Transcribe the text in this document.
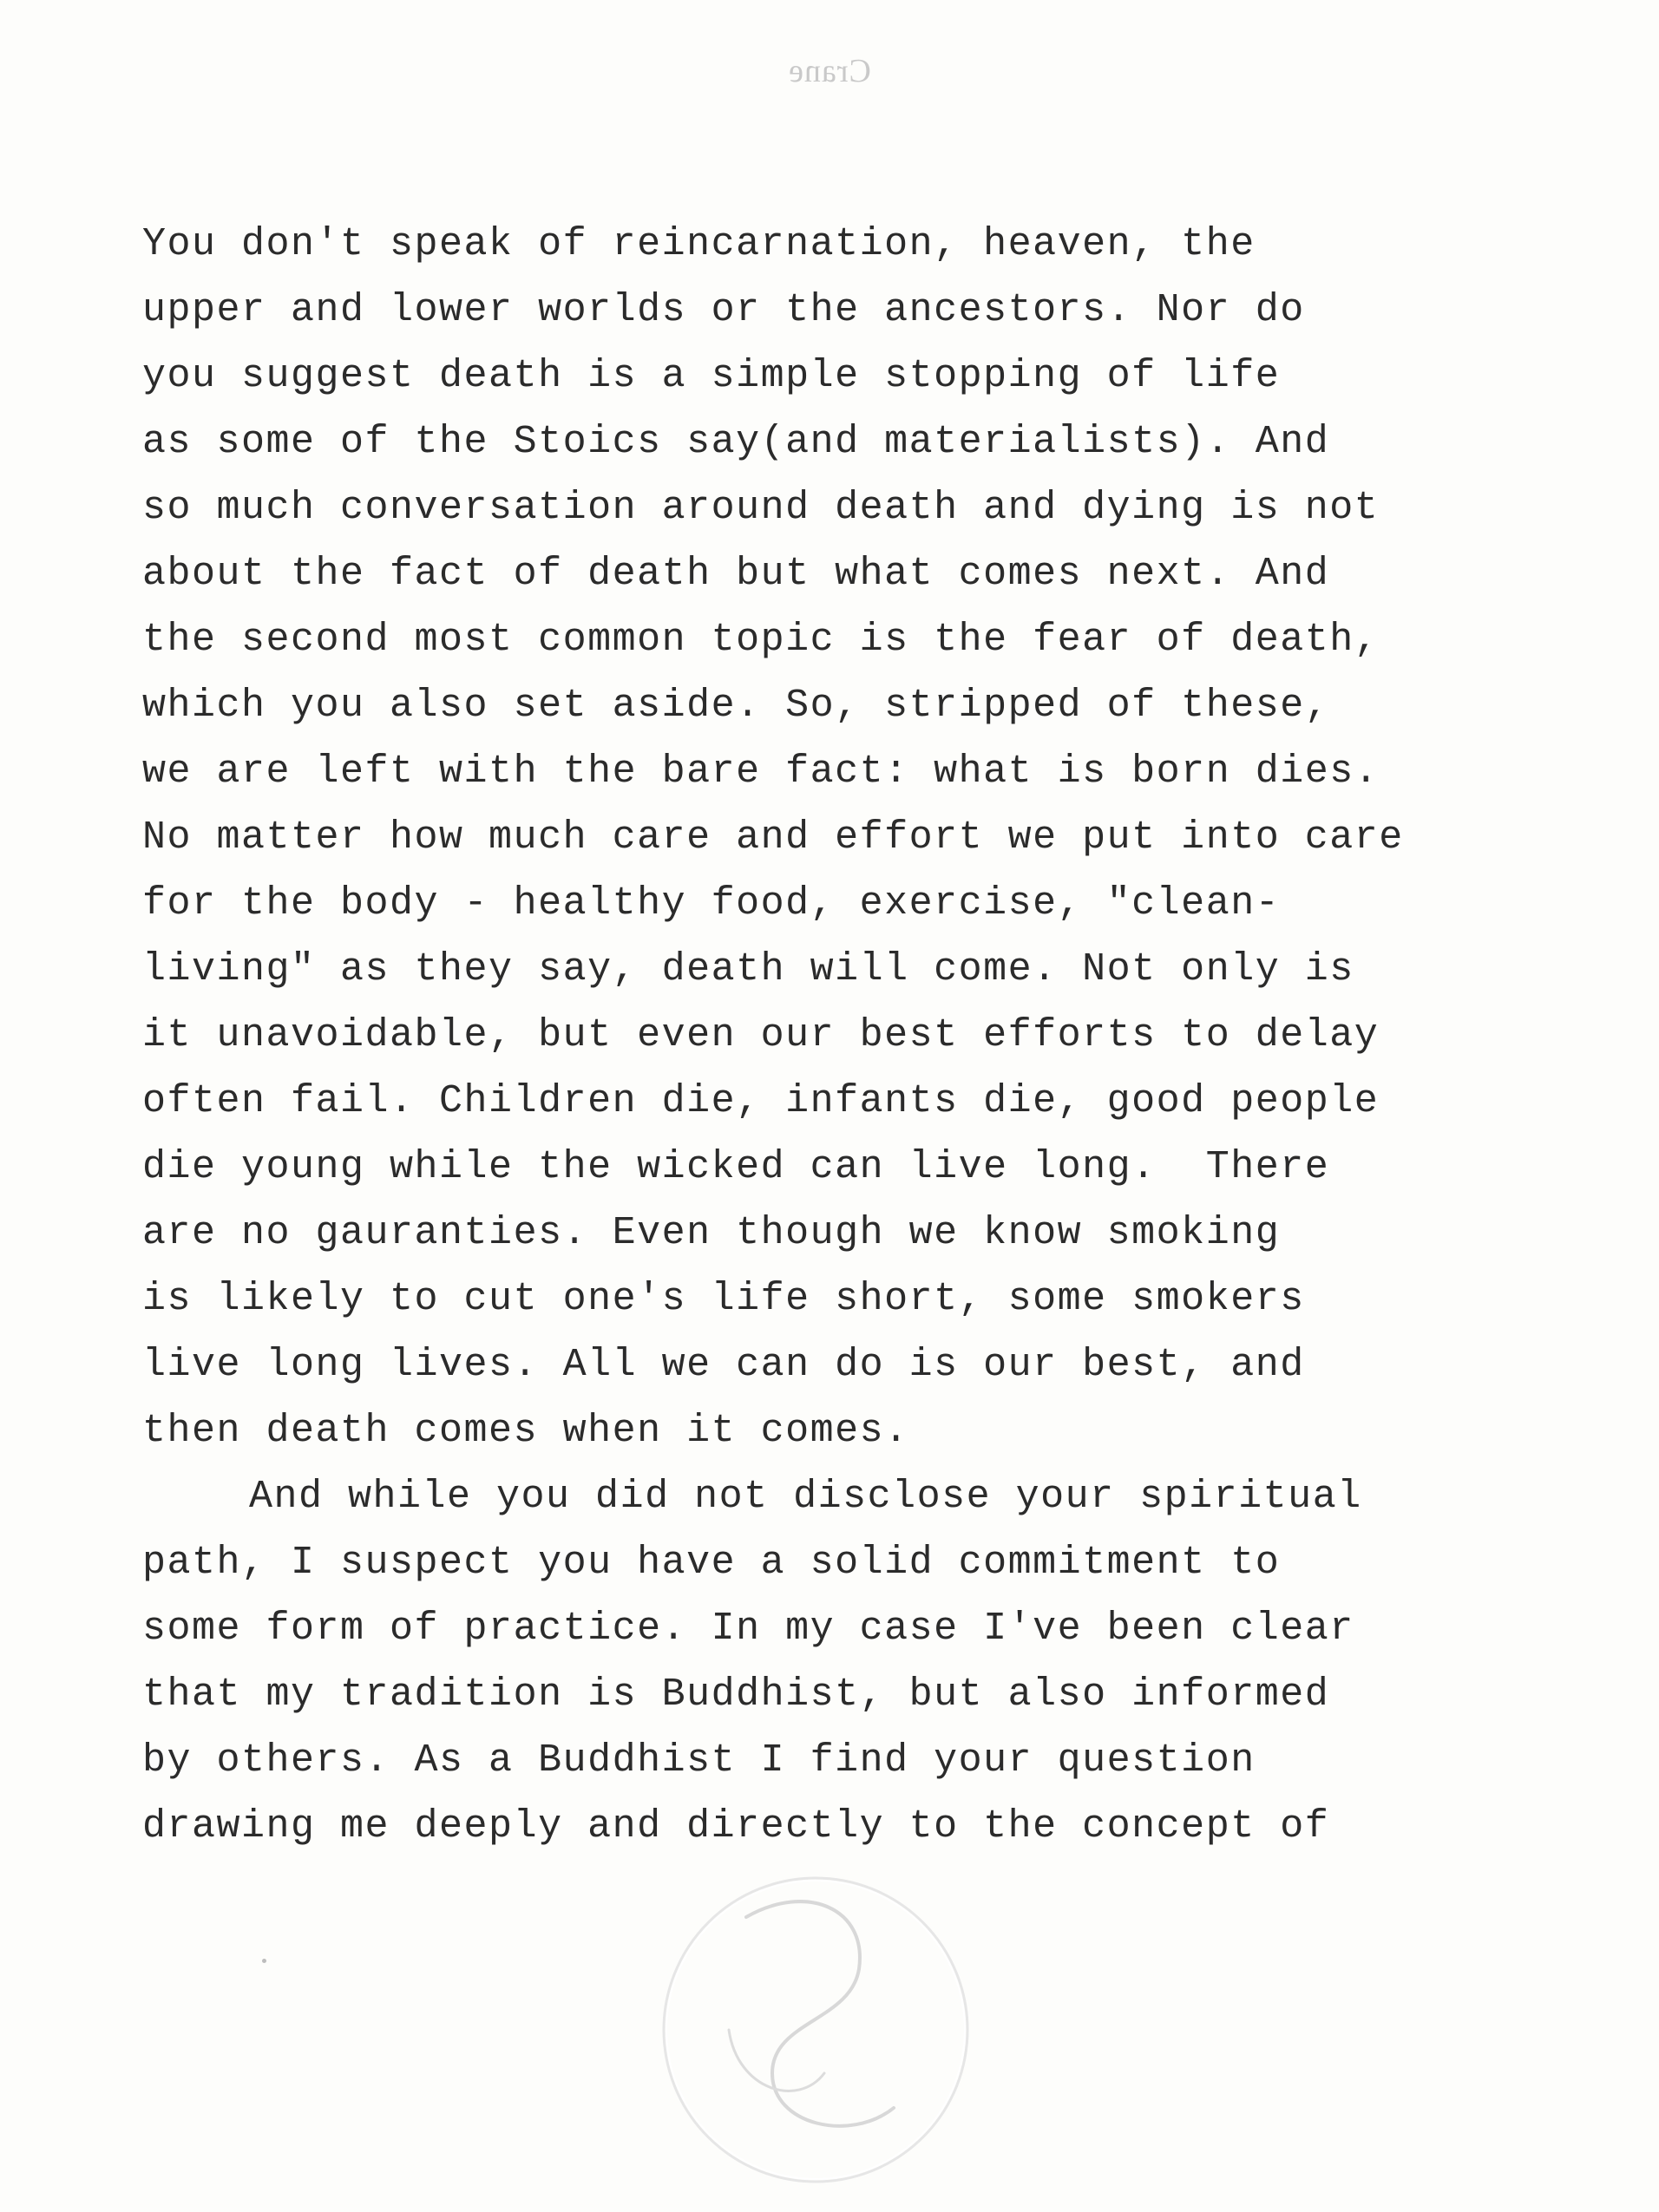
Crane
You don't speak of reincarnation, heaven, the
upper and lower worlds or the ancestors. Nor do
you suggest death is a simple stopping of life
as some of the Stoics say(and materialists). And
so much conversation around death and dying is not
about the fact of death but what comes next. And
the second most common topic is the fear of death,
which you also set aside. So, stripped of these,
we are left with the bare fact: what is born dies.
No matter how much care and effort we put into care
for the body - healthy food, exercise, "clean-
living" as they say, death will come. Not only is
it unavoidable, but even our best efforts to delay
often fail. Children die, infants die, good people
die young while the wicked can live long.  There
are no gauranties. Even though we know smoking
is likely to cut one's life short, some smokers
live long lives. All we can do is our best, and
then death comes when it comes.
And while you did not disclose your spiritual
path, I suspect you have a solid commitment to
some form of practice. In my case I've been clear
that my tradition is Buddhist, but also informed
by others. As a Buddhist I find your question
drawing me deeply and directly to the concept of
